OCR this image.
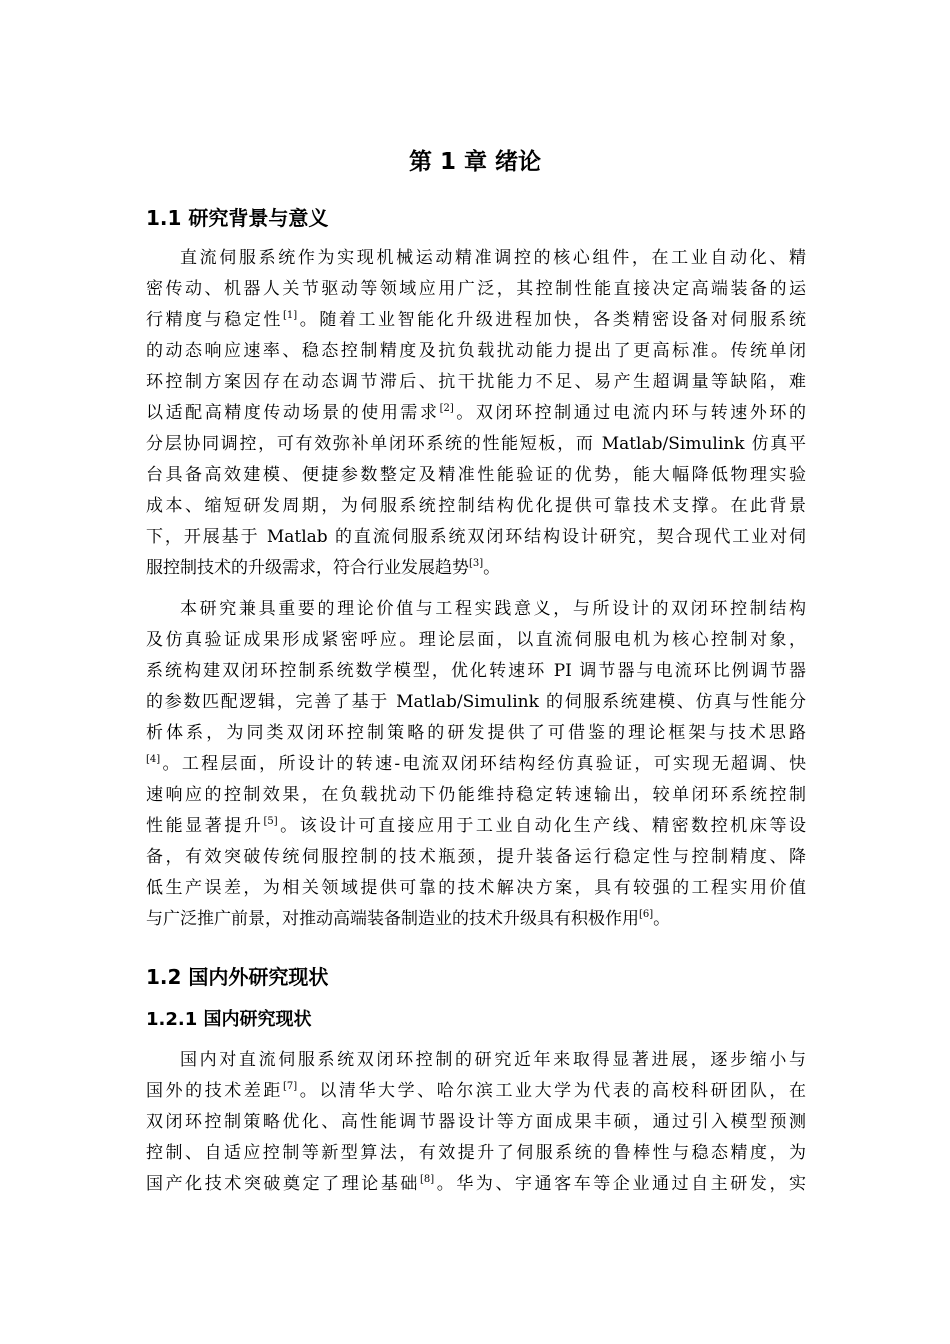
第 1 章 绪论
1.1 研究背景与意义
直流伺服系统作为实现机械运动精准调控的核心组件，在工业自动化、精
密传动、机器人关节驱动等领域应用广泛，其控制性能直接决定高端装备的运
行精度与稳定性[1]。随着工业智能化升级进程加快，各类精密设备对伺服系统
的动态响应速率、稳态控制精度及抗负载扰动能力提出了更高标准。传统单闭
环控制方案因存在动态调节滞后、抗干扰能力不足、易产生超调量等缺陷，难
以适配高精度传动场景的使用需求[2]。双闭环控制通过电流内环与转速外环的
分层协同调控，可有效弥补单闭环系统的性能短板，而 Matlab/Simulink 仿真平
台具备高效建模、便捷参数整定及精准性能验证的优势，能大幅降低物理实验
成本、缩短研发周期，为伺服系统控制结构优化提供可靠技术支撑。在此背景
下，开展基于 Matlab 的直流伺服系统双闭环结构设计研究，契合现代工业对伺
服控制技术的升级需求，符合行业发展趋势[3]。
本研究兼具重要的理论价值与工程实践意义，与所设计的双闭环控制结构
及仿真验证成果形成紧密呼应。理论层面，以直流伺服电机为核心控制对象，
系统构建双闭环控制系统数学模型，优化转速环 PI 调节器与电流环比例调节器
的参数匹配逻辑，完善了基于 Matlab/Simulink 的伺服系统建模、仿真与性能分
析体系，为同类双闭环控制策略的研发提供了可借鉴的理论框架与技术思路
[4]。工程层面，所设计的转速-电流双闭环结构经仿真验证，可实现无超调、快
速响应的控制效果，在负载扰动下仍能维持稳定转速输出，较单闭环系统控制
性能显著提升[5]。该设计可直接应用于工业自动化生产线、精密数控机床等设
备，有效突破传统伺服控制的技术瓶颈，提升装备运行稳定性与控制精度、降
低生产误差，为相关领域提供可靠的技术解决方案，具有较强的工程实用价值
与广泛推广前景，对推动高端装备制造业的技术升级具有积极作用[6]。
1.2 国内外研究现状
1.2.1 国内研究现状
国内对直流伺服系统双闭环控制的研究近年来取得显著进展，逐步缩小与
国外的技术差距[7]。以清华大学、哈尔滨工业大学为代表的高校科研团队，在
双闭环控制策略优化、高性能调节器设计等方面成果丰硕，通过引入模型预测
控制、自适应控制等新型算法，有效提升了伺服系统的鲁棒性与稳态精度，为
国产化技术突破奠定了理论基础[8]。华为、宇通客车等企业通过自主研发，实
